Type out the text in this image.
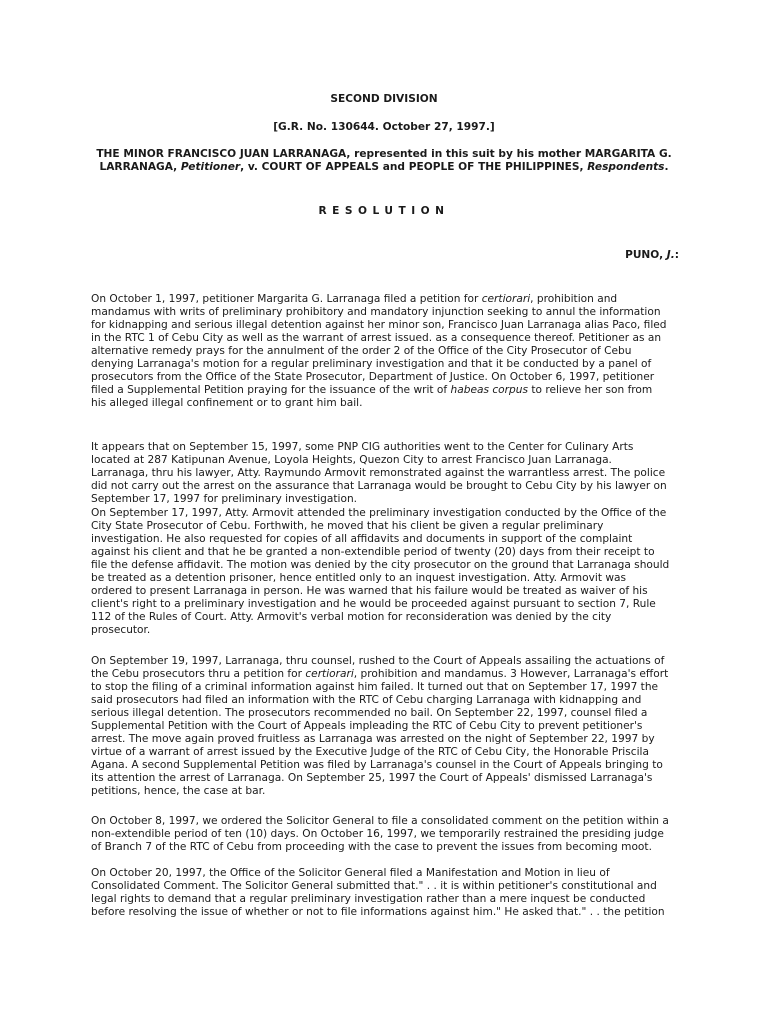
SECOND DIVISION
[G.R. No. 130644. October 27, 1997.]
THE MINOR FRANCISCO JUAN LARRANAGA, represented in this suit by his mother MARGARITA G.
LARRANAGA, Petitioner, v. COURT OF APPEALS and PEOPLE OF THE PHILIPPINES, Respondents.
RESOLUTION
PUNO, J.:
On October 1, 1997, petitioner Margarita G. Larranaga filed a petition for certiorari, prohibition and
mandamus with writs of preliminary prohibitory and mandatory injunction seeking to annul the information
for kidnapping and serious illegal detention against her minor son, Francisco Juan Larranaga alias Paco, filed
in the RTC 1 of Cebu City as well as the warrant of arrest issued. as a consequence thereof. Petitioner as an
alternative remedy prays for the annulment of the order 2 of the Office of the City Prosecutor of Cebu
denying Larranaga's motion for a regular preliminary investigation and that it be conducted by a panel of
prosecutors from the Office of the State Prosecutor, Department of Justice. On October 6, 1997, petitioner
filed a Supplemental Petition praying for the issuance of the writ of habeas corpus to relieve her son from
his alleged illegal confinement or to grant him bail.
It appears that on September 15, 1997, some PNP CIG authorities went to the Center for Culinary Arts
located at 287 Katipunan Avenue, Loyola Heights, Quezon City to arrest Francisco Juan Larranaga.
Larranaga, thru his lawyer, Atty. Raymundo Armovit remonstrated against the warrantless arrest. The police
did not carry out the arrest on the assurance that Larranaga would be brought to Cebu City by his lawyer on
September 17, 1997 for preliminary investigation.
On September 17, 1997, Atty. Armovit attended the preliminary investigation conducted by the Office of the
City State Prosecutor of Cebu. Forthwith, he moved that his client be given a regular preliminary
investigation. He also requested for copies of all affidavits and documents in support of the complaint
against his client and that he be granted a non-extendible period of twenty (20) days from their receipt to
file the defense affidavit. The motion was denied by the city prosecutor on the ground that Larranaga should
be treated as a detention prisoner, hence entitled only to an inquest investigation. Atty. Armovit was
ordered to present Larranaga in person. He was warned that his failure would be treated as waiver of his
client's right to a preliminary investigation and he would be proceeded against pursuant to section 7, Rule
112 of the Rules of Court. Atty. Armovit's verbal motion for reconsideration was denied by the city
prosecutor.
On September 19, 1997, Larranaga, thru counsel, rushed to the Court of Appeals assailing the actuations of
the Cebu prosecutors thru a petition for certiorari, prohibition and mandamus. 3 However, Larranaga's effort
to stop the filing of a criminal information against him failed. It turned out that on September 17, 1997 the
said prosecutors had filed an information with the RTC of Cebu charging Larranaga with kidnapping and
serious illegal detention. The prosecutors recommended no bail. On September 22, 1997, counsel filed a
Supplemental Petition with the Court of Appeals impleading the RTC of Cebu City to prevent petitioner's
arrest. The move again proved fruitless as Larranaga was arrested on the night of September 22, 1997 by
virtue of a warrant of arrest issued by the Executive Judge of the RTC of Cebu City, the Honorable Priscila
Agana. A second Supplemental Petition was filed by Larranaga's counsel in the Court of Appeals bringing to
its attention the arrest of Larranaga. On September 25, 1997 the Court of Appeals' dismissed Larranaga's
petitions, hence, the case at bar.
On October 8, 1997, we ordered the Solicitor General to file a consolidated comment on the petition within a
non-extendible period of ten (10) days. On October 16, 1997, we temporarily restrained the presiding judge
of Branch 7 of the RTC of Cebu from proceeding with the case to prevent the issues from becoming moot.
On October 20, 1997, the Office of the Solicitor General filed a Manifestation and Motion in lieu of
Consolidated Comment. The Solicitor General submitted that." . . it is within petitioner's constitutional and
legal rights to demand that a regular preliminary investigation rather than a mere inquest be conducted
before resolving the issue of whether or not to file informations against him." He asked that." . . the petition
